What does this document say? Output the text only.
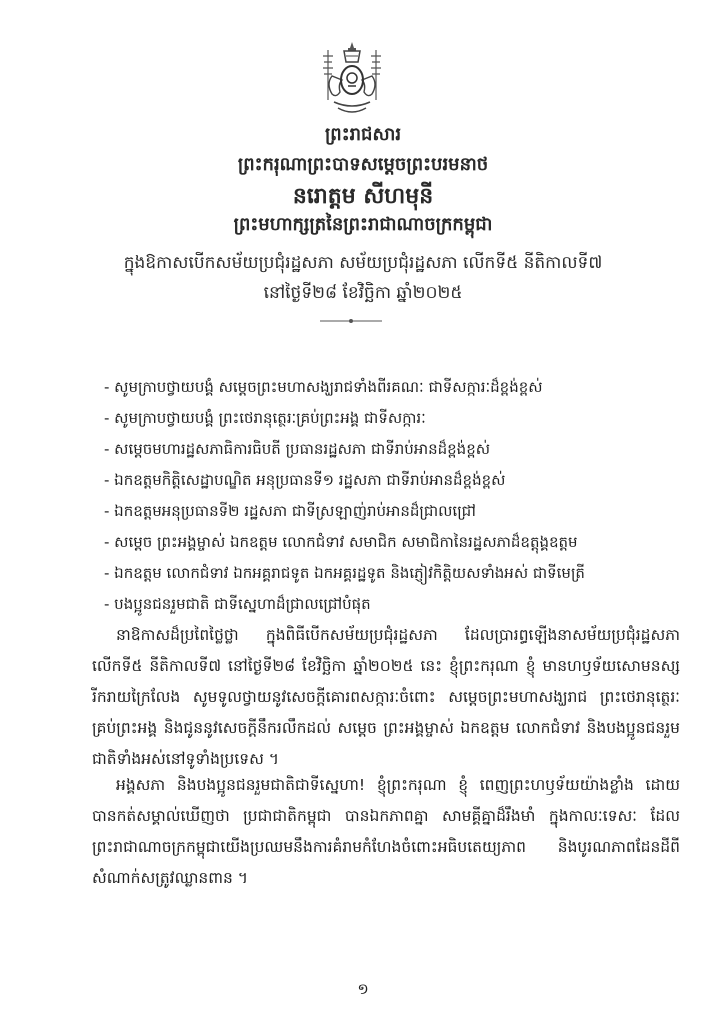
ព្រះរាជសារ
ព្រះករុណាព្រះបាទសម្ដេចព្រះបរមនាថ
នរោត្តម សីហមុនី
ព្រះមហាក្សត្រនៃព្រះរាជាណាចក្រកម្ពុជា
ក្នុងឱកាសបើកសម័យប្រជុំរដ្ឋសភា សម័យប្រជុំរដ្ឋសភា លើកទី៥ នីតិកាលទី៧
នៅថ្ងៃទី២៨ ខែវិច្ឆិកា ឆ្នាំ២០២៥
- សូមក្រាបថ្វាយបង្គំ សម្ដេចព្រះមហាសង្ឃរាជទាំងពីរគណៈ ជាទីសក្ការៈដ៏ខ្ពង់ខ្ពស់
- សូមក្រាបថ្វាយបង្គំ ព្រះថេរានុត្ថេរៈគ្រប់ព្រះអង្គ ជាទីសក្ការៈ
- សម្ដេចមហារដ្ឋសភាធិការធិបតី ប្រធានរដ្ឋសភា ជាទីរាប់អានដ៏ខ្ពង់ខ្ពស់
- ឯកឧត្តមកិត្តិសេដ្ឋាបណ្ឌិត អនុប្រធានទី១ រដ្ឋសភា ជាទីរាប់អានដ៏ខ្ពង់ខ្ពស់
- ឯកឧត្តមអនុប្រធានទី២ រដ្ឋសភា ជាទីស្រឡាញ់រាប់អានដ៏ជ្រាលជ្រៅ
- សម្ដេច ព្រះអង្គម្ចាស់ ឯកឧត្តម លោកជំទាវ សមាជិក សមាជិកានៃរដ្ឋសភាដ៏ឧត្តុង្គឧត្តម
- ឯកឧត្តម លោកជំទាវ ឯកអគ្គរាជទូត ឯកអគ្គរដ្ឋទូត និងភ្ញៀវកិត្តិយសទាំងអស់ ជាទីមេត្រី
- បងប្អូនជនរួមជាតិ ជាទីស្នេហាដ៏ជ្រាលជ្រៅបំផុត

នាឱកាសដ៏ប្រពៃថ្លៃថ្លា ក្នុងពិធីបើកសម័យប្រជុំរដ្ឋសភា ដែលប្រារព្ធឡើងនាសម័យប្រជុំរដ្ឋសភា លើកទី៥ នីតិកាលទី៧ នៅថ្ងៃទី២៨ ខែវិច្ឆិកា ឆ្នាំ២០២៥ នេះ ខ្ញុំព្រះករុណា ខ្ញុំ មានហឫទ័យសោមនស្សរីករាយក្រៃលែង សូមទូលថ្វាយនូវសេចក្តីគោរពសក្ការៈចំពោះ សម្ដេចព្រះមហាសង្ឃរាជ ព្រះថេរានុត្ថេរៈគ្រប់ព្រះអង្គ និងជូននូវសេចក្តីនឹករលឹកដល់ សម្ដេច ព្រះអង្គម្ចាស់ ឯកឧត្តម លោកជំទាវ និងបងប្អូនជនរួមជាតិទាំងអស់នៅទូទាំងប្រទេស ។

អង្គសភា និងបងប្អូនជនរួមជាតិជាទីស្នេហា! ខ្ញុំព្រះករុណា ខ្ញុំ ពេញព្រះហឫទ័យយ៉ាងខ្លាំង ដោយបានកត់សម្គាល់ឃើញថា ប្រជាជាតិកម្ពុជា បានឯកភាពគ្នា សាមគ្គីគ្នាដ៏រឹងមាំ ក្នុងកាលៈទេសៈ ដែលព្រះរាជាណាចក្រកម្ពុជាយើងប្រឈមនឹងការគំរាមកំហែងចំពោះអធិបតេយ្យភាព និងបូរណភាពដែនដីពីសំណាក់សត្រូវឈ្លានពាន ។

១
